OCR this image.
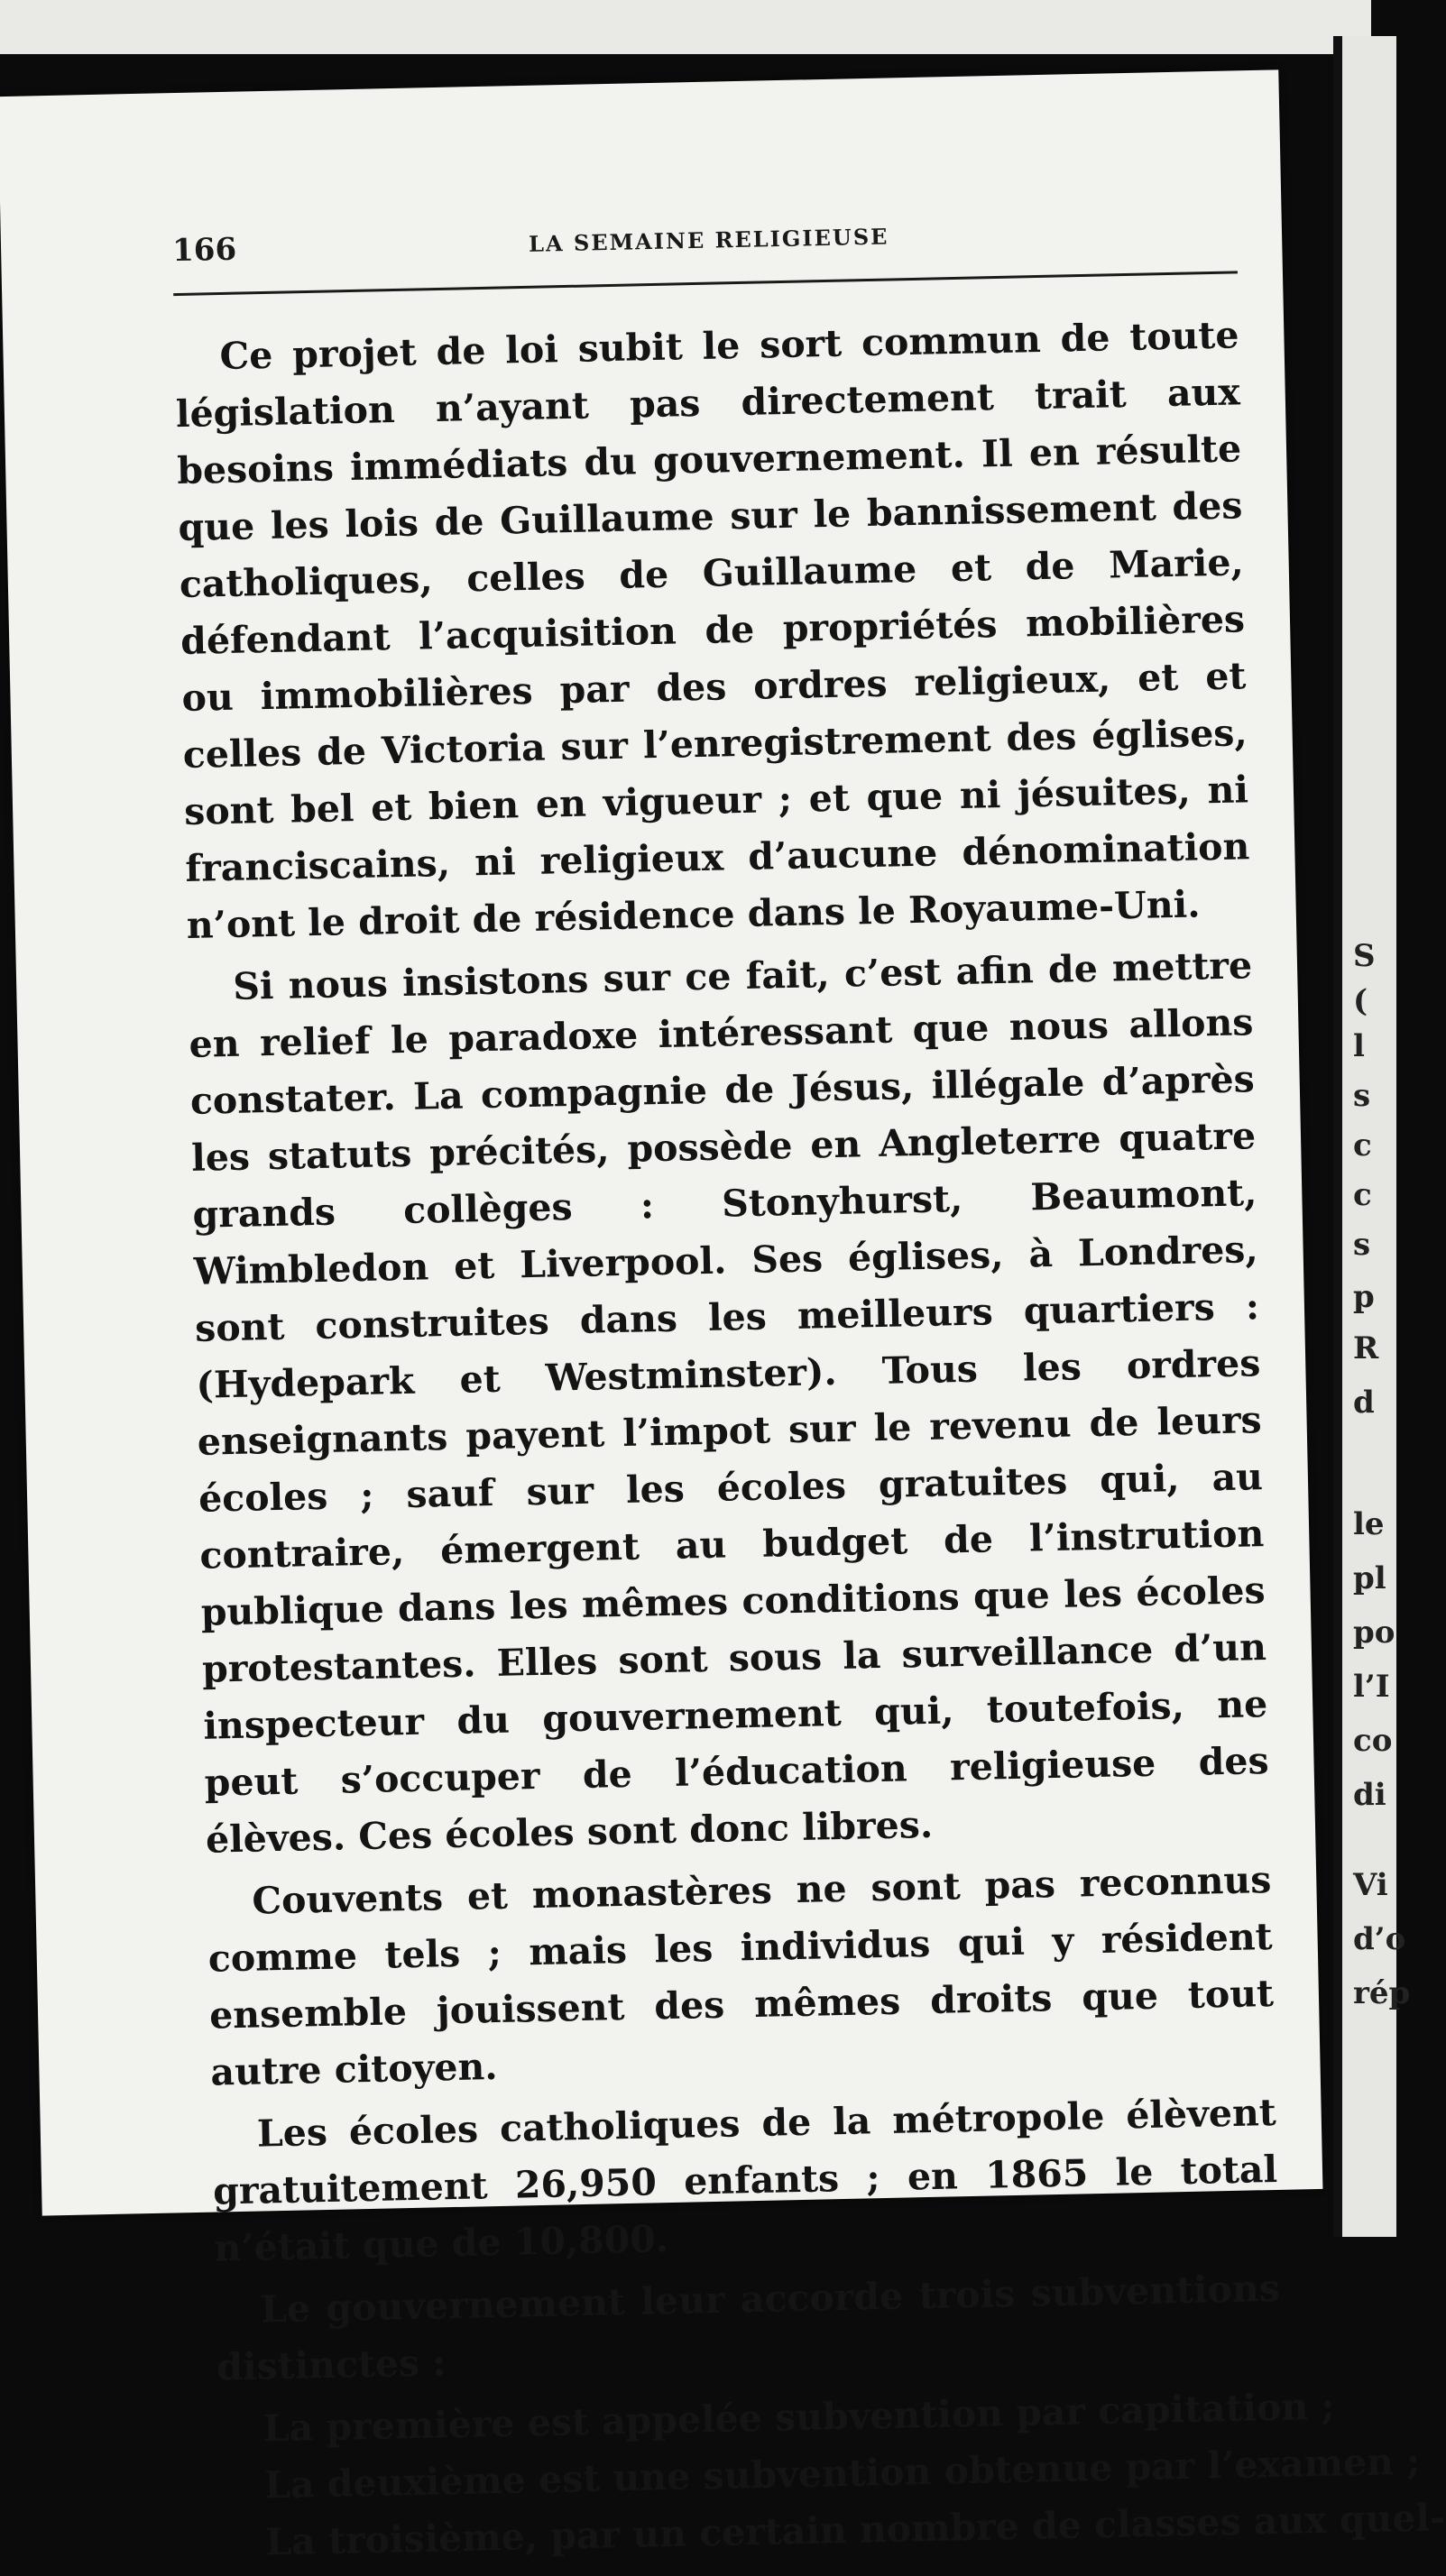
S
(
l
s
c
c
s
p
R
d
le
pl
po
l’I
co
di
Vi
d’o
rép
166	LA SEMAINE RELIGIEUSE

Ce projet de loi subit le sort commun de toute législation n’ayant pas directement trait aux besoins immédiats du gouvernement. Il en résulte que les lois de Guillaume sur le bannissement des catholiques, celles de Guillaume et de Marie, défendant l’acquisition de propriétés mobilières ou immobilières par des ordres religieux, et et celles de Victoria sur l’enregistrement des églises, sont bel et bien en vigueur ; et que ni jésuites, ni franciscains, ni religieux d’aucune dénomination n’ont le droit de résidence dans le Royaume-Uni.

Si nous insistons sur ce fait, c’est afin de mettre en relief le paradoxe intéressant que nous allons constater. La compagnie de Jésus, illégale d’après les statuts précités, possède en Angleterre quatre grands collèges : Stonyhurst, Beaumont, Wimbledon et Liverpool. Ses églises, à Londres, sont construites dans les meilleurs quartiers : (Hydepark et Westminster). Tous les ordres enseignants payent l’impot sur le revenu de leurs écoles ; sauf sur les écoles gratuites qui, au contraire, émergent au budget de l’instrution publique dans les mêmes conditions que les écoles protestantes. Elles sont sous la surveillance d’un inspecteur du gouvernement qui, toutefois, ne peut s’occuper de l’éducation religieuse des élèves. Ces écoles sont donc libres.

Couvents et monastères ne sont pas reconnus comme tels ; mais les individus qui y résident ensemble jouissent des mêmes droits que tout autre citoyen.

Les écoles catholiques de la métropole élèvent gratuitement 26,950 enfants ; en 1865 le total n’était que de 10,800.

Le gouvernement leur accorde trois subventions distinctes :

La première est appelée subvention par capitation ;

La deuxième est une subvention obtenue par l’examen ;

La troisième, par un certain nombre de classes aux quel-
